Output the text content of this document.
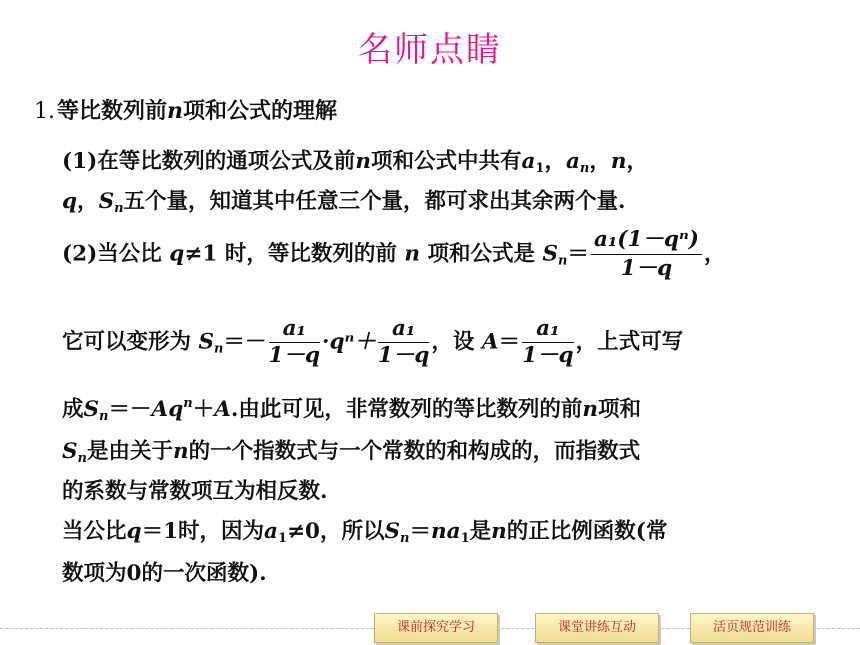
名师点睛
1.等比数列前n项和公式的理解
(1)在等比数列的通项公式及前n项和公式中共有$a_1$，$a_n$，n，
q，$S_n$五个量，知道其中任意三个量，都可求出其余两个量.
(2)当公比 q≠1 时，等比数列的前 n 项和公式是 $S_n= \frac{\text{a₁(1－qⁿ)}}{1-q}$ ，
它可以变形为 $S_n=- \frac{\text{a₁}}{1-q} \cdot q^n+ \frac{\text{a₁}}{1-q}$ ，设 $A= \frac{\text{a₁}}{1-q}$ ，上式可写
成$S_n=-Aq^n+A$.由此可见，非常数列的等比数列的前n项和
$S_n$是由关于n的一个指数式与一个常数的和构成的，而指数式
的系数与常数项互为相反数.
当公比q＝1时，因为$a_1\ne 0$，所以$S_n=na_1$是n的正比例函数(常
数项为0的一次函数).
课前探究学习	课堂讲练互动	活页规范训练
